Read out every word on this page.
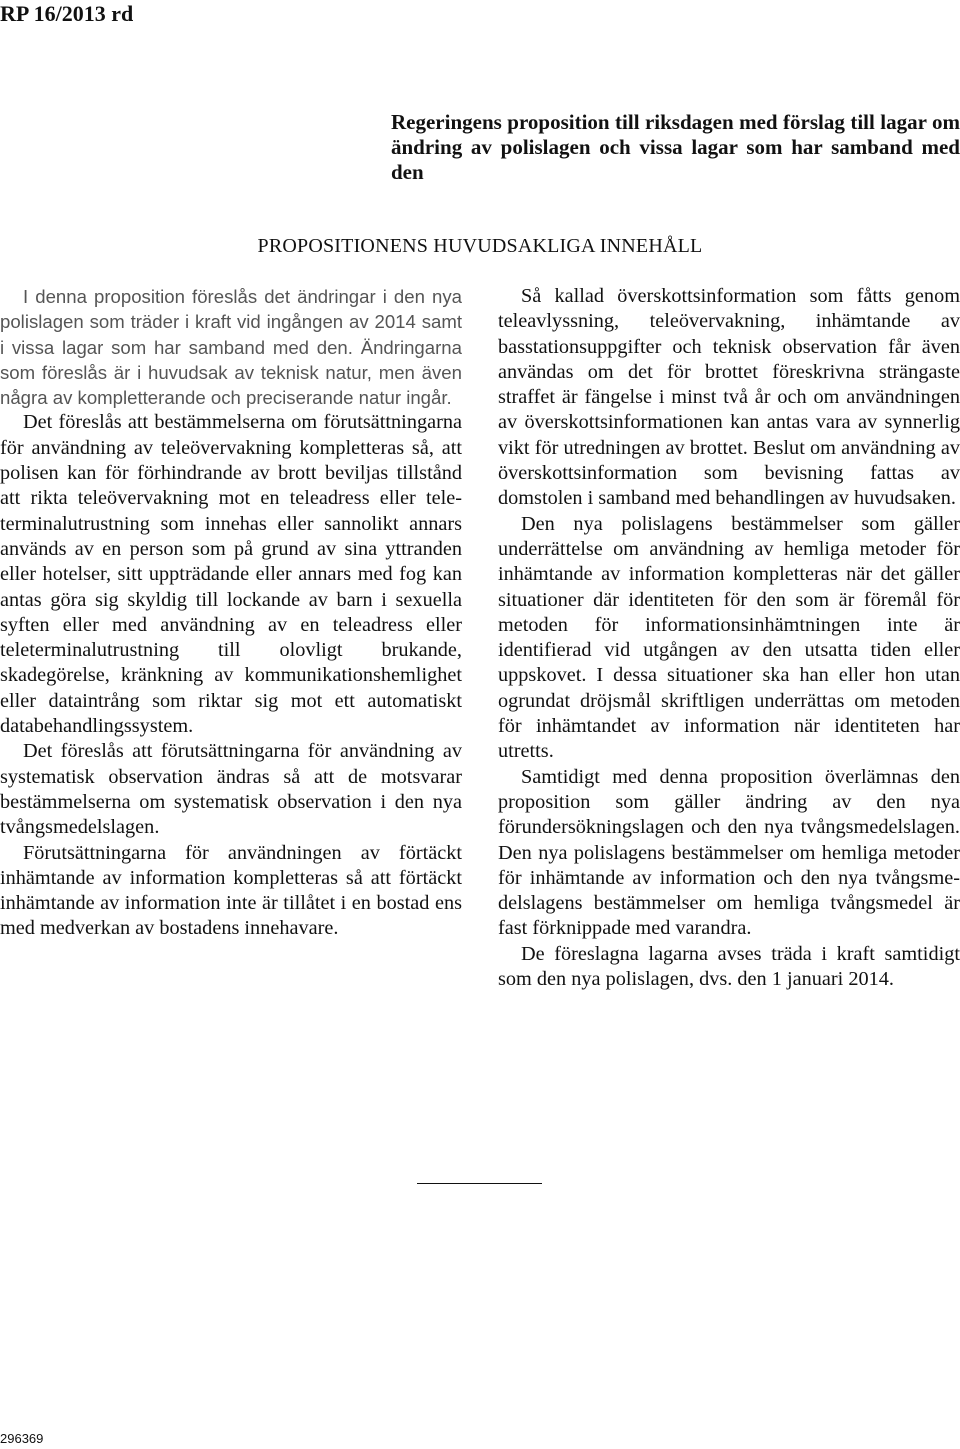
RP 16/2013 rd
Regeringens proposition till riksdagen med förslag till lagar om ändring av polislagen och vissa lagar som har samband med den
PROPOSITIONENS HUVUDSAKLIGA INNEHÅLL

I denna proposition föreslås det ändringar i den nya polislagen som träder i kraft vid ingången av 2014 samt i vissa lagar som har samband med den. Ändringarna som föreslås är i huvudsak av teknisk natur, men även några av kompletterande och preciserande natur ingår.

Det föreslås att bestämmelserna om förutsättningarna för användning av teleövervakning kompletteras så, att polisen kan för förhindrande av brott beviljas tillstånd att rikta teleövervakning mot en teleadress eller teleterminalutrustning som innehas eller sannolikt annars används av en person som på grund av sina yttranden eller hotelser, sitt uppträdande eller annars med fog kan antas göra sig skyldig till lockande av barn i sexuella syften eller med användning av en teleadress eller teleterminalutrustning till olovligt brukande, skadegörelse, kränkning av kommunikationshemlighet eller dataintrång som riktar sig mot ett automatiskt databehandlingssystem.

Det föreslås att förutsättningarna för användning av systematisk observation ändras så att de motsvarar bestämmelserna om systematisk observation i den nya tvångsmedelslagen.

Förutsättningarna för användningen av förtäckt inhämtande av information kompletteras så att förtäckt inhämtande av information inte är tillåtet i en bostad ens med medverkan av bostadens innehavare.

Så kallad överskottsinformation som fåtts genom teleavlyssning, teleövervakning, inhämtande av basstationsuppgifter och teknisk observation får även användas om det för brottet föreskrivna strängaste straffet är fängelse i minst två år och om användningen av överskottsinformationen kan antas vara av synnerlig vikt för utredningen av brottet. Beslut om användning av överskottsinformation som bevisning fattas av domstolen i samband med behandlingen av huvudsaken.

Den nya polislagens bestämmelser som gäller underrättelse om användning av hemliga metoder för inhämtande av information kompletteras när det gäller situationer där identiteten för den som är föremål för metoden för informationsinhämtningen inte är identifierad vid utgången av den utsatta tiden eller uppskovet. I dessa situationer ska han eller hon utan ogrundat dröjsmål skriftligen underrättas om metoden för inhämtandet av information när identiteten har utretts.

Samtidigt med denna proposition överlämnas den proposition som gäller ändring av den nya förundersökningslagen och den nya tvångsmedelslagen. Den nya polislagens bestämmelser om hemliga metoder för inhämtande av information och den nya tvångsmedelslagens bestämmelser om hemliga tvångsmedel är fast förknippade med varandra.

De föreslagna lagarna avses träda i kraft samtidigt som den nya polislagen, dvs. den 1 januari 2014.

296369
